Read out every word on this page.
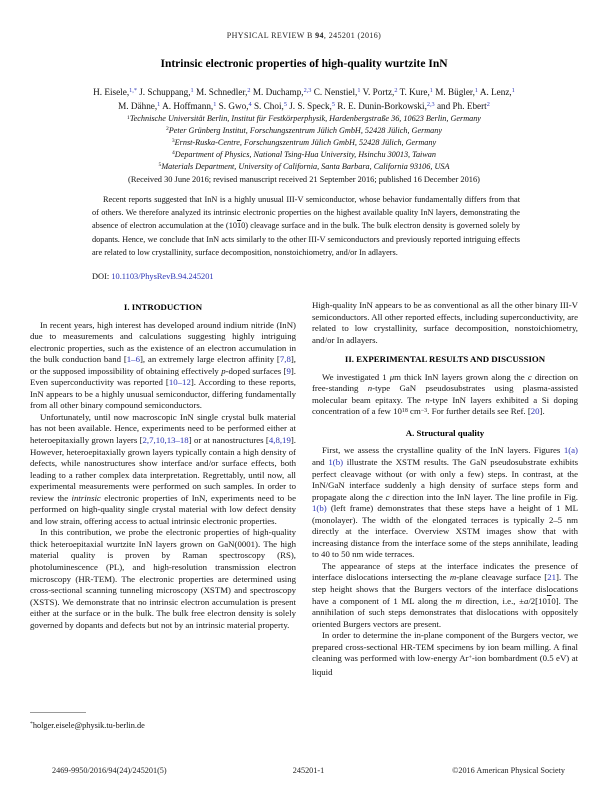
PHYSICAL REVIEW B 94, 245201 (2016)
Intrinsic electronic properties of high-quality wurtzite InN
H. Eisele,$^{1,*}$ J. Schuppang,$^1$ M. Schnedler,$^2$ M. Duchamp,$^{2,3}$ C. Nenstiel,$^1$ V. Portz,$^2$ T. Kure,$^1$ M. Bügler,$^1$ A. Lenz,$^1$
M. Dähne,$^1$ A. Hoffmann,$^1$ S. Gwo,$^4$ S. Choi,$^5$ J. S. Speck,$^5$ R. E. Dunin-Borkowski,$^{2,3}$ and Ph. Ebert$^2$
$^1$Technische Universität Berlin, Institut für Festkörperphysik, Hardenbergstraße 36, 10623 Berlin, Germany
$^2$Peter Grünberg Institut, Forschungszentrum Jülich GmbH, 52428 Jülich, Germany
$^3$Ernst-Ruska-Centre, Forschungszentrum Jülich GmbH, 52428 Jülich, Germany
$^4$Department of Physics, National Tsing-Hua University, Hsinchu 30013, Taiwan
$^5$Materials Department, University of California, Santa Barbara, California 93106, USA
(Received 30 June 2016; revised manuscript received 21 September 2016; published 16 December 2016)
Recent reports suggested that InN is a highly unusual III-V semiconductor, whose behavior fundamentally differs from that of others. We therefore analyzed its intrinsic electronic properties on the highest available quality InN layers, demonstrating the absence of electron accumulation at the (1010) cleavage surface and in the bulk. The bulk electron density is governed solely by dopants. Hence, we conclude that InN acts similarly to the other III-V semiconductors and previously reported intriguing effects are related to low crystallinity, surface decomposition, nonstoichiometry, and/or In adlayers.
DOI: 10.1103/PhysRevB.94.245201
I. INTRODUCTION
In recent years, high interest has developed around indium nitride (InN) due to measurements and calculations suggesting highly intriguing electronic properties, such as the existence of an electron accumulation in the bulk conduction band [1–6], an extremely large electron affinity [7,8], or the supposed impossibility of obtaining effectively p-doped surfaces [9]. Even superconductivity was reported [10–12]. According to these reports, InN appears to be a highly unusual semiconductor, differing fundamentally from all other binary compound semiconductors.
Unfortunately, until now macroscopic InN single crystal bulk material has not been available. Hence, experiments need to be performed either at heteroepitaxially grown layers [2,7,10,13–18] or at nanostructures [4,8,19]. However, heteroepitaxially grown layers typically contain a high density of defects, while nanostructures show interface and/or surface effects, both leading to a rather complex data interpretation. Regrettably, until now, all experimental measurements were performed on such samples. In order to review the intrinsic electronic properties of InN, experiments need to be performed on high-quality single crystal material with low defect density and low strain, offering access to actual intrinsic electronic properties.
In this contribution, we probe the electronic properties of high-quality thick heteroepitaxial wurtzite InN layers grown on GaN(0001). The high material quality is proven by Raman spectroscopy (RS), photoluminescence (PL), and high-resolution transmission electron microscopy (HR-TEM). The electronic properties are determined using cross-sectional scanning tunneling microscopy (XSTM) and spectroscopy (XSTS). We demonstrate that no intrinsic electron accumulation is present either at the surface or in the bulk. The bulk free electron density is solely governed by dopants and defects but not by an intrinsic material property.
High-quality InN appears to be as conventional as all the other binary III-V semiconductors. All other reported effects, including superconductivity, are related to low crystallinity, surface decomposition, nonstoichiometry, and/or In adlayers.
II. EXPERIMENTAL RESULTS AND DISCUSSION
We investigated 1 μm thick InN layers grown along the c direction on free-standing n-type GaN pseudosubstrates using plasma-assisted molecular beam epitaxy. The n-type InN layers exhibited a Si doping concentration of a few $10^{18}$ $cm^{-3}$. For further details see Ref. [20].
A. Structural quality
First, we assess the crystalline quality of the InN layers. Figures 1(a) and 1(b) illustrate the XSTM results. The GaN pseudosubstrate exhibits perfect cleavage without (or with only a few) steps. In contrast, at the InN/GaN interface suddenly a high density of surface steps form and propagate along the c direction into the InN layer. The line profile in Fig. 1(b) (left frame) demonstrates that these steps have a height of 1 ML (monolayer). The width of the elongated terraces is typically 2–5 nm directly at the interface. Overview XSTM images show that with increasing distance from the interface some of the steps annihilate, leading to 40 to 50 nm wide terraces.
The appearance of steps at the interface indicates the presence of interface dislocations intersecting the m-plane cleavage surface [21]. The step height shows that the Burgers vectors of the interface dislocations have a component of 1 ML along the m direction, i.e., ±a/2[1010]. The annihilation of such steps demonstrates that dislocations with oppositely oriented Burgers vectors are present.
In order to determine the in-plane component of the Burgers vector, we prepared cross-sectional HR-TEM specimens by ion beam milling. A final cleaning was performed with low-energy Ar+-ion bombardment (0.5 eV) at liquid
*holger.eisele@physik.tu-berlin.de
2469-9950/2016/94(24)/245201(5)	245201-1	©2016 American Physical Society
